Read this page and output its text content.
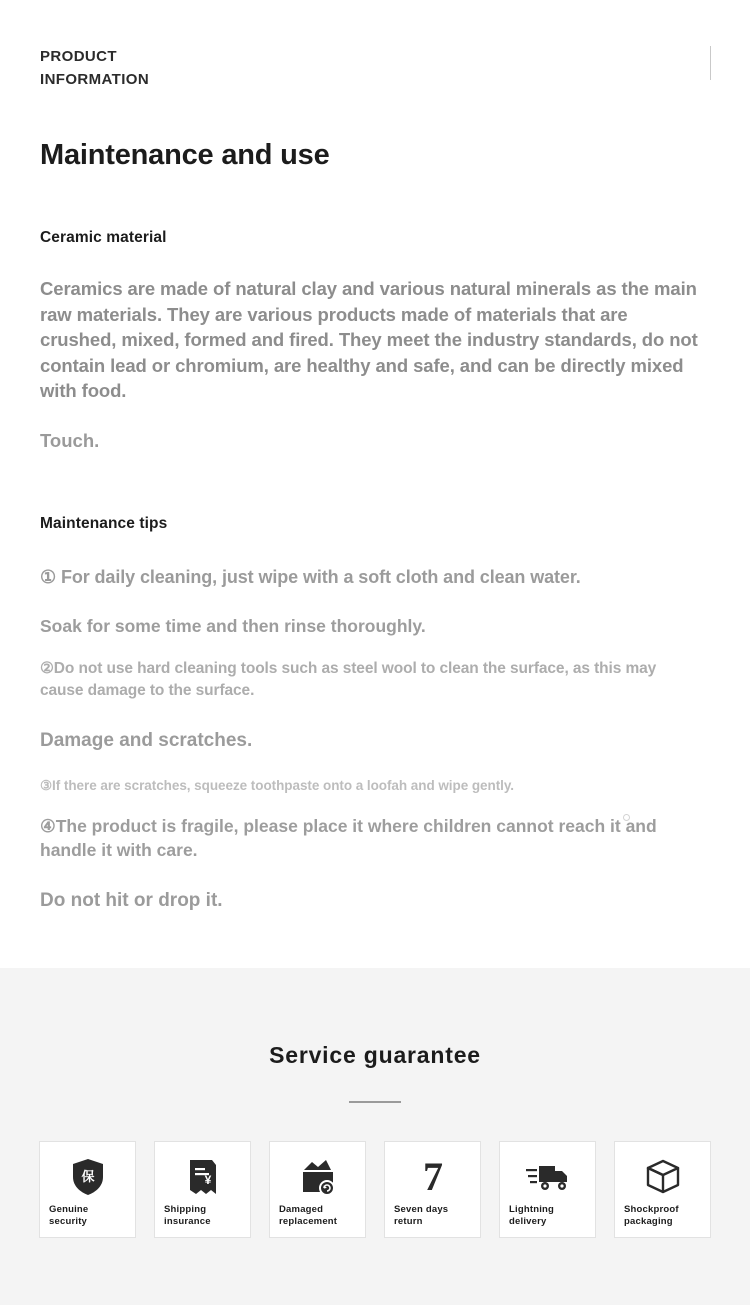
PRODUCT INFORMATION
Maintenance and use
Ceramic material
Ceramics are made of natural clay and various natural minerals as the main raw materials. They are various products made of materials that are crushed, mixed, formed and fired. They meet the industry standards, do not contain lead or chromium, are healthy and safe, and can be directly mixed with food.
Touch.
Maintenance tips
① For daily cleaning, just wipe with a soft cloth and clean water.
Soak for some time and then rinse thoroughly.
②Do not use hard cleaning tools such as steel wool to clean the surface, as this may cause damage to the surface.
Damage and scratches.
③If there are scratches, squeeze toothpaste onto a loofah and wipe gently.
④The product is fragile, please place it where children cannot reach it and handle it with care.
Do not hit or drop it.
Service guarantee
保
Genuine security
¥
Shipping insurance
Damaged replacement
7
Seven days return
Lightning delivery
Shockproof packaging
